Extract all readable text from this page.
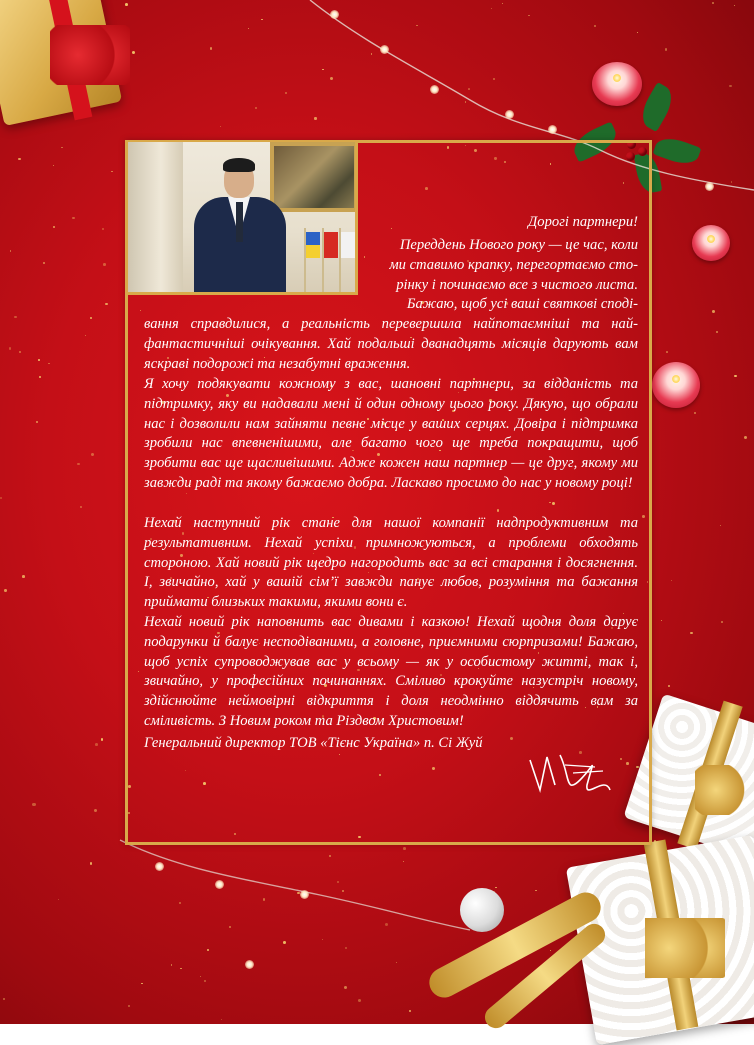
Дорогі партнери!

Переддень Нового року — це час, коли
ми ставимо крапку, перегортаємо сто-
рінку і починаємо все з чистого листа.
Бажаю, щоб усі ваші святкові споді-

вання справдилися, а реальність перевершила найпотаємніші та най-фантастичніші очікування. Хай подальші дванадцять місяців дарують вам яскраві подорожі та незабутні враження.

Я хочу подякувати кожному з вас, шановні партнери, за відданість та підтримку, яку ви надавали мені й один одному цього року. Дякую, що обрали нас і дозволили нам зайняти певне місце у ваших серцях. Довіра і підтримка зробили нас впевненішими, але багато чого ще треба покращити, щоб зробити вас ще щасливішими. Адже кожен наш партнер — це друг, якому ми завжди раді та якому бажаємо добра. Ласкаво просимо до нас у новому році!

Нехай наступний рік стане для нашої компанії надпродуктивним та результативним. Нехай успіхи примножуються, а проблеми обходять стороною. Хай новий рік щедро нагородить вас за всі старання і досягнення. І, звичайно, хай у вашій сім’ї завжди панує любов, розуміння та бажання приймати близьких такими, якими вони є.

Нехай новий рік наповнить вас дивами і казкою! Нехай щодня доля дарує подарунки й балує несподіваними, а головне, приємними сюрпризами! Бажаю, щоб успіх супроводжував вас у всьому — як у особистому житті, так і, звичайно, у професійних починаннях. Сміливо крокуйте назустріч новому, здійснюйте неймовірні відкриття і доля неодмінно віддячить вам за сміливість. З Новим роком та Різдвом Христовим!

Генеральний директор ТОВ «Тієнс Україна» п. Сі Жуй
